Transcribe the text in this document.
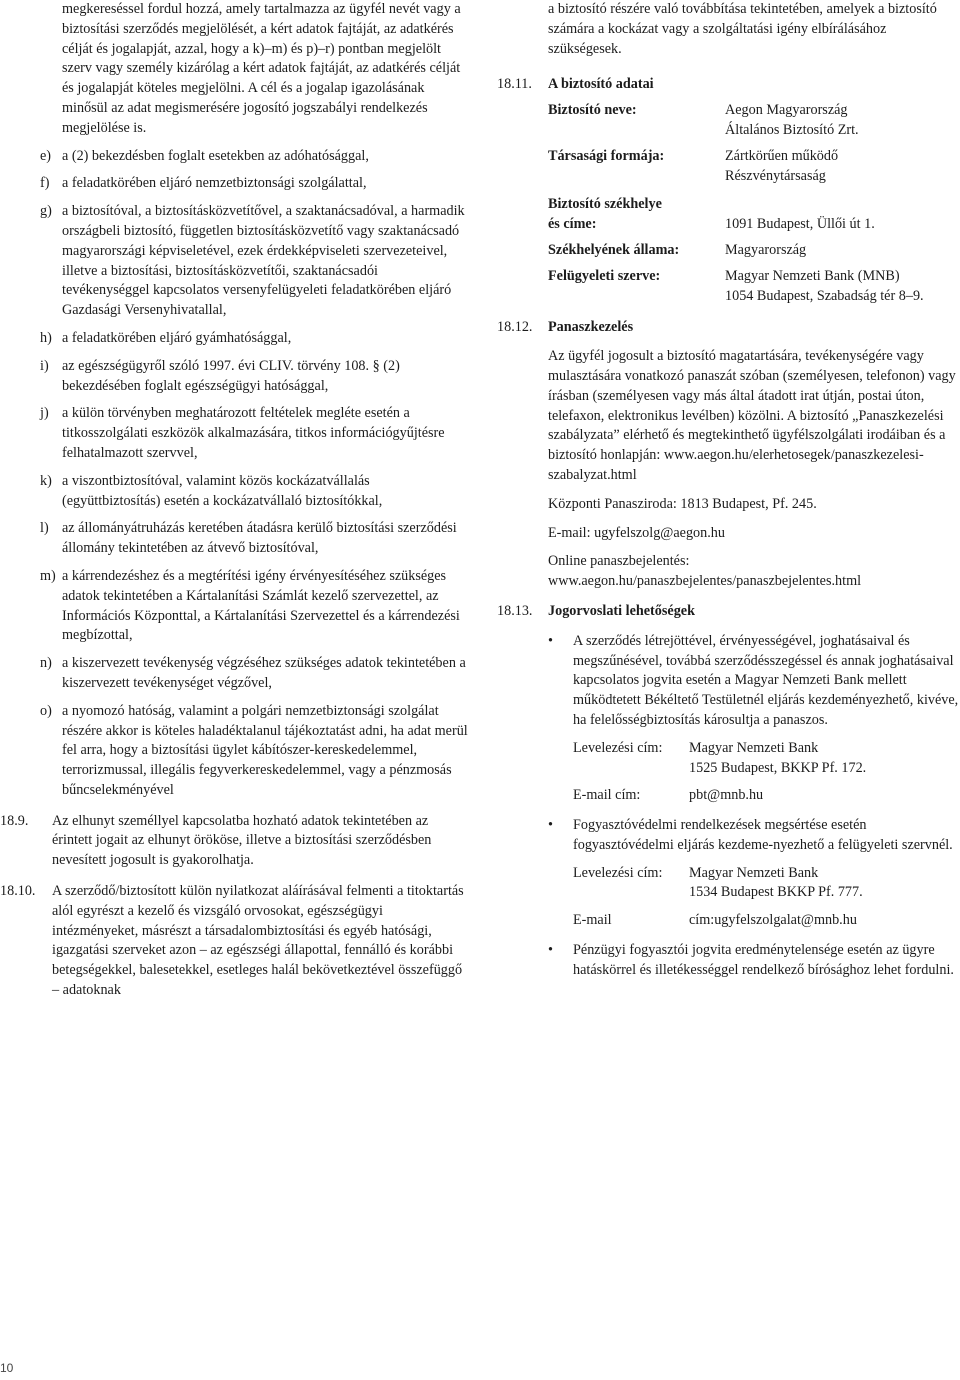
megkereséssel fordul hozzá, amely tartalmazza az ügyfél nevét vagy a biztosítási szerződés megjelölését, a kért adatok fajtáját, az adatkérés célját és jogalapját, azzal, hogy a k)–m) és p)–r) pontban megjelölt szerv vagy személy kizárólag a kért adatok fajtáját, az adatkérés célját és jogalapját köteles megjelölni. A cél és a jogalap igazolásának minősül az adat megismerésére jogosító jogszabályi rendelkezés megjelölése is.

e) a (2) bekezdésben foglalt esetekben az adóhatósággal,
f) a feladatkörében eljáró nemzetbiztonsági szolgálattal,
g) a biztosítóval, a biztosításközvetítővel, a szaktanácsadóval, a harmadik országbeli biztosító, független biztosításközvetítő vagy szaktanácsadó magyarországi képviseletével, ezek érdekképviseleti szervezeteivel, illetve a biztosítási, biztosításközvetítői, szaktanácsadói tevékenységgel kapcsolatos versenyfelügyeleti feladatkörében eljáró Gazdasági Versenyhivatallal,
h) a feladatkörében eljáró gyámhatósággal,
i) az egészségügyről szóló 1997. évi CLIV. törvény 108. § (2) bekezdésében foglalt egészségügyi hatósággal,
j) a külön törvényben meghatározott feltételek megléte esetén a titkosszolgálati eszközök alkalmazására, titkos információgyűjtésre felhatalmazott szervvel,
k) a viszontbiztosítóval, valamint közös kockázatvállalás (együttbiztosítás) esetén a kockázatvállaló biztosítókkal,
l) az állományátruházás keretében átadásra kerülő biztosítási szerződési állomány tekintetében az átvevő biztosítóval,
m) a kárrendezéshez és a megtérítési igény érvényesítéséhez szükséges adatok tekintetében a Kártalanítási Számlát kezelő szervezettel, az Információs Központtal, a Kártalanítási Szervezettel és a kárrendezési megbízottal,
n) a kiszervezett tevékenység végzéséhez szükséges adatok tekintetében a kiszervezett tevékenységet végzővel,
o) a nyomozó hatóság, valamint a polgári nemzetbiztonsági szolgálat részére akkor is köteles haladéktalanul tájékoztatást adni, ha adat merül fel arra, hogy a biztosítási ügylet kábítószer-kereskedelemmel, terrorizmussal, illegális fegyverkereskedelemmel, vagy a pénzmosás bűncselekményével
18.9.	Az elhunyt személlyel kapcsolatba hozható adatok tekintetében az érintett jogait az elhunyt örököse, illetve a biztosítási szerződésben nevesített jogosult is gyakorolhatja.
18.10.	A szerződő/biztosított külön nyilatkozat aláírásával felmenti a titoktartás alól egyrészt a kezelő és vizsgáló orvosokat, egészségügyi intézményeket, másrészt a társadalombiztosítási és egyéb hatósági, igazgatási szerveket azon – az egészségi állapottal, fennálló és korábbi betegségekkel, balesetekkel, esetleges halál bekövetkeztével összefüggő – adatoknak

a biztosító részére való továbbítása tekintetében, amelyek a biztosító számára a kockázat vagy a szolgáltatási igény elbírálásához szükségesek.

18.11.	A biztosító adatai
Biztosító neve:	Aegon Magyarország
Általános Biztosító Zrt.
Társasági formája:	Zártkörűen működő
Részvénytársaság
Biztosító székhelye
és címe:	1091 Budapest, Üllői út 1.
Székhelyének állama:	Magyarország
Felügyeleti szerve:	Magyar Nemzeti Bank (MNB)
1054 Budapest, Szabadság tér 8–9.
18.12.	Panaszkezelés

Az ügyfél jogosult a biztosító magatartására, tevékenységére vagy mulasztására vonatkozó panaszát szóban (személyesen, telefonon) vagy írásban (személyesen vagy más által átadott irat útján, postai úton, telefaxon, elektronikus levélben) közölni. A biztosító „Panaszkezelési szabályzata” elérhető és megtekinthető ügyfélszolgálati irodáiban és a biztosító honlapján: www.aegon.hu/elerhetosegek/panaszkezelesi-szabalyzat.html

Központi Panasziroda: 1813 Budapest, Pf. 245.

E-mail: ugyfelszolg@aegon.hu

Online panaszbejelentés: www.aegon.hu/panaszbejelentes/panaszbejelentes.html

18.13.	Jogorvoslati lehetőségek
•	A szerződés létrejöttével, érvényességével, joghatásaival és megszűnésével, továbbá szerződésszegéssel és annak joghatásaival kapcsolatos jogvita esetén a Magyar Nemzeti Bank mellett működtetett Békéltető Testületnél eljárás kezdeményezhető, kivéve, ha felelősségbiztosítás károsultja a panaszos.
Levelezési cím:	Magyar Nemzeti Bank
1525 Budapest, BKKP Pf. 172.
E-mail cím:	pbt@mnb.hu
•	Fogyasztóvédelmi rendelkezések megsértése esetén fogyasztóvédelmi eljárás kezdeme-nyezhető a felügyeleti szervnél.
Levelezési cím:	Magyar Nemzeti Bank
1534 Budapest BKKP Pf. 777.
E-mail	cím:ugyfelszolgalat@mnb.hu
•	Pénzügyi fogyasztói jogvita eredménytelensége esetén az ügyre hatáskörrel és illetékességgel rendelkező bírósághoz lehet fordulni.
10
